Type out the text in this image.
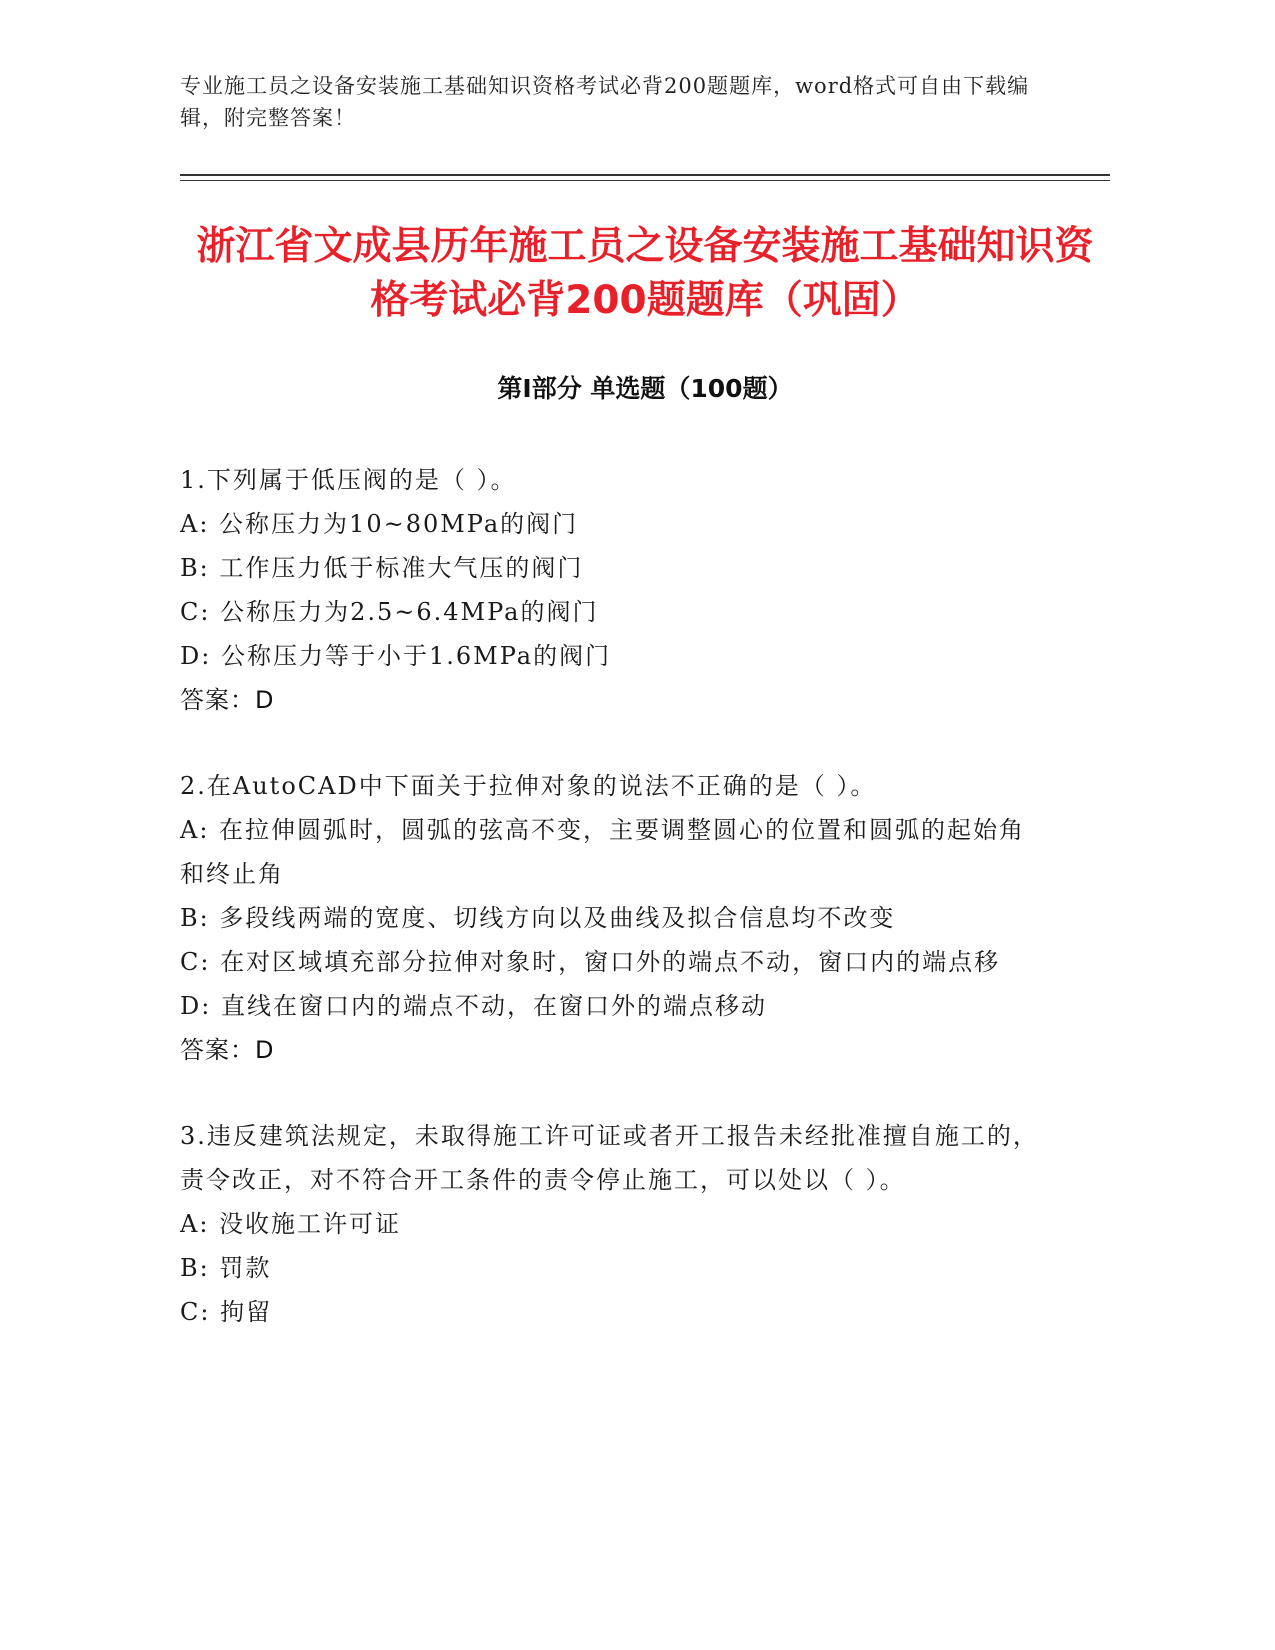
专业施工员之设备安装施工基础知识资格考试必背200题题库，word格式可自由下载编辑，附完整答案！
浙江省文成县历年施工员之设备安装施工基础知识资格考试必背200题题库（巩固）
第I部分 单选题（100题）
1.下列属于低压阀的是（ ）。
A: 公称压力为10~80MPa的阀门
B: 工作压力低于标准大气压的阀门
C: 公称压力为2.5~6.4MPa的阀门
D: 公称压力等于小于1.6MPa的阀门
答案：D
2.在AutoCAD中下面关于拉伸对象的说法不正确的是（ ）。
A: 在拉伸圆弧时，圆弧的弦高不变，主要调整圆心的位置和圆弧的起始角和终止角
B: 多段线两端的宽度、切线方向以及曲线及拟合信息均不改变
C: 在对区域填充部分拉伸对象时，窗口外的端点不动，窗口内的端点移
D: 直线在窗口内的端点不动，在窗口外的端点移动
答案：D
3.违反建筑法规定，未取得施工许可证或者开工报告未经批准擅自施工的，责令改正，对不符合开工条件的责令停止施工，可以处以（ ）。
A: 没收施工许可证
B: 罚款
C: 拘留
